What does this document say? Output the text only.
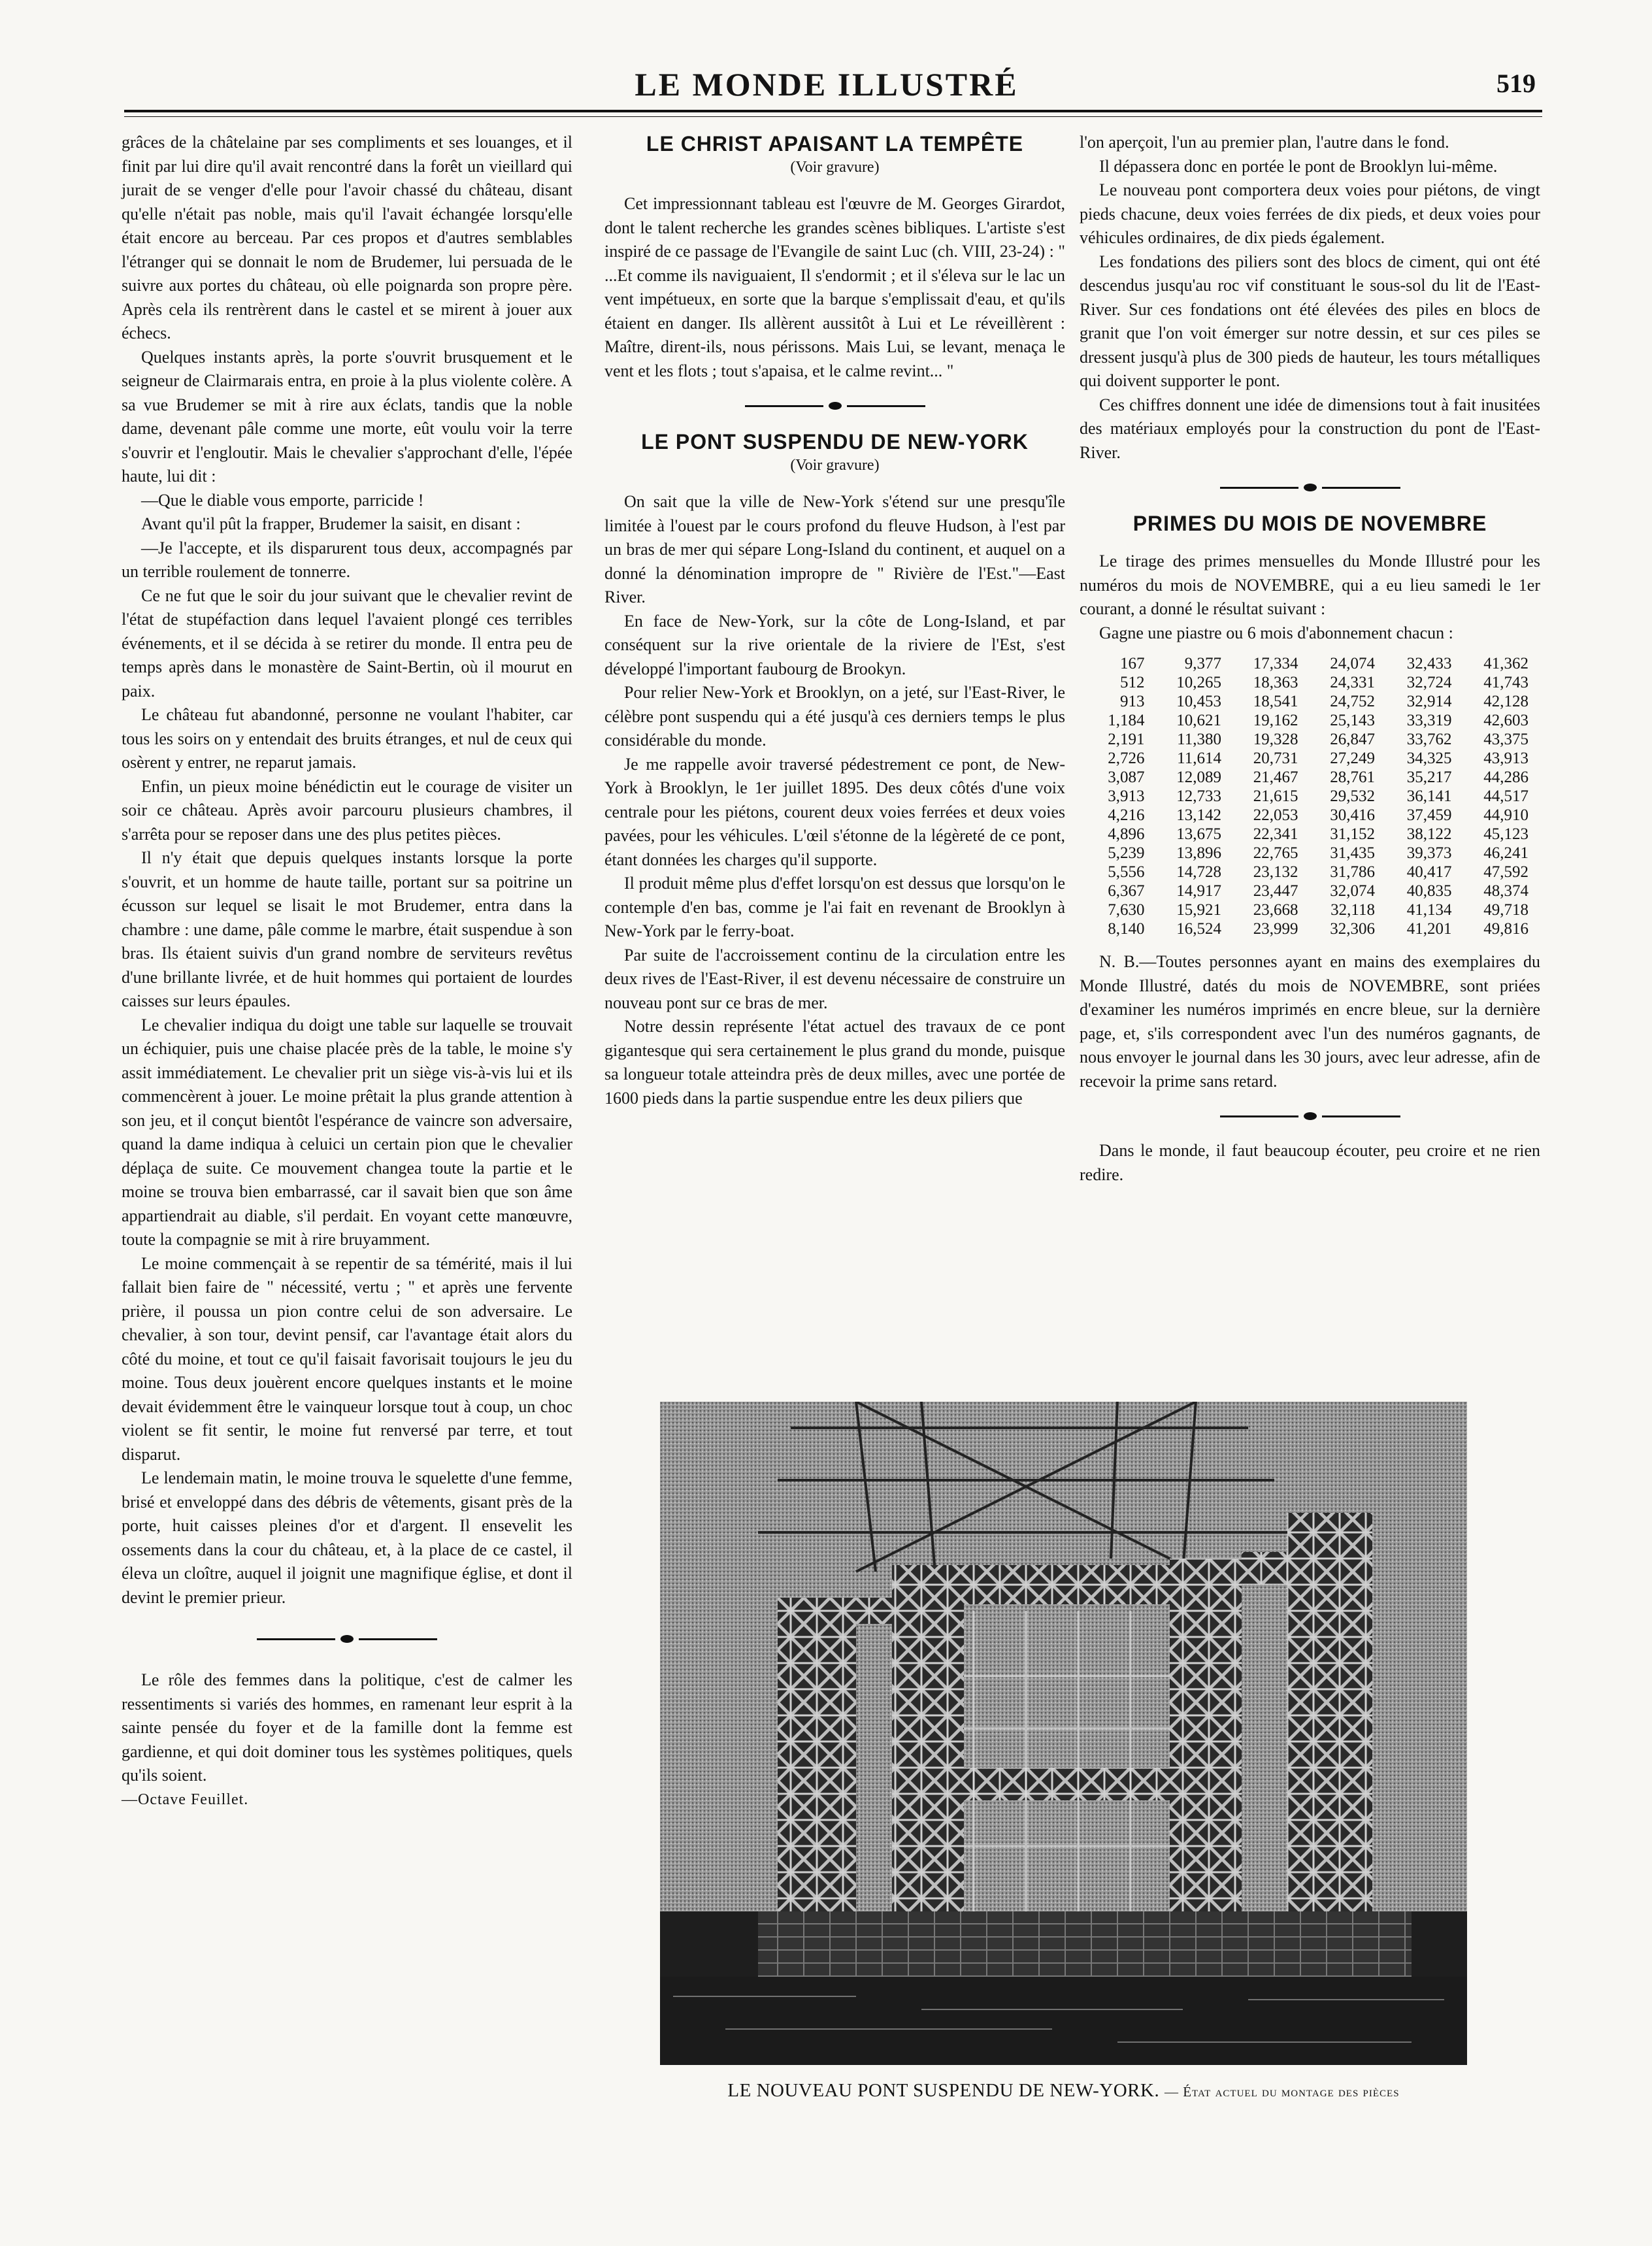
LE MONDE ILLUSTRÉ	519

grâces de la châtelaine par ses compliments et ses louanges, et il finit par lui dire qu'il avait rencontré dans la forêt un vieillard qui jurait de se venger d'elle pour l'avoir chassé du château, disant qu'elle n'était pas noble, mais qu'il l'avait échangée lorsqu'elle était encore au berceau. Par ces propos et d'autres semblables l'étranger qui se donnait le nom de Brudemer, lui persuada de le suivre aux portes du château, où elle poignarda son propre père. Après cela ils rentrèrent dans le castel et se mirent à jouer aux échecs.

Quelques instants après, la porte s'ouvrit brusquement et le seigneur de Clairmarais entra, en proie à la plus violente colère. A sa vue Brudemer se mit à rire aux éclats, tandis que la noble dame, devenant pâle comme une morte, eût voulu voir la terre s'ouvrir et l'engloutir. Mais le chevalier s'approchant d'elle, l'épée haute, lui dit :

—Que le diable vous emporte, parricide !

Avant qu'il pût la frapper, Brudemer la saisit, en disant :

—Je l'accepte, et ils disparurent tous deux, accompagnés par un terrible roulement de tonnerre.

Ce ne fut que le soir du jour suivant que le chevalier revint de l'état de stupéfaction dans lequel l'avaient plongé ces terribles événements, et il se décida à se retirer du monde. Il entra peu de temps après dans le monastère de Saint-Bertin, où il mourut en paix.

Le château fut abandonné, personne ne voulant l'habiter, car tous les soirs on y entendait des bruits étranges, et nul de ceux qui osèrent y entrer, ne reparut jamais.

Enfin, un pieux moine bénédictin eut le courage de visiter un soir ce château. Après avoir parcouru plusieurs chambres, il s'arrêta pour se reposer dans une des plus petites pièces.

Il n'y était que depuis quelques instants lorsque la porte s'ouvrit, et un homme de haute taille, portant sur sa poitrine un écusson sur lequel se lisait le mot Brudemer, entra dans la chambre : une dame, pâle comme le marbre, était suspendue à son bras. Ils étaient suivis d'un grand nombre de serviteurs revêtus d'une brillante livrée, et de huit hommes qui portaient de lourdes caisses sur leurs épaules.

Le chevalier indiqua du doigt une table sur laquelle se trouvait un échiquier, puis une chaise placée près de la table, le moine s'y assit immédiatement. Le chevalier prit un siège vis-à-vis lui et ils commencèrent à jouer. Le moine prêtait la plus grande attention à son jeu, et il conçut bientôt l'espérance de vaincre son adversaire, quand la dame indiqua à celuici un certain pion que le chevalier déplaça de suite. Ce mouvement changea toute la partie et le moine se trouva bien embarrassé, car il savait bien que son âme appartiendrait au diable, s'il perdait. En voyant cette manœuvre, toute la compagnie se mit à rire bruyamment.

Le moine commençait à se repentir de sa témérité, mais il lui fallait bien faire de " nécessité, vertu ; " et après une fervente prière, il poussa un pion contre celui de son adversaire. Le chevalier, à son tour, devint pensif, car l'avantage était alors du côté du moine, et tout ce qu'il faisait favorisait toujours le jeu du moine. Tous deux jouèrent encore quelques instants et le moine devait évidemment être le vainqueur lorsque tout à coup, un choc violent se fit sentir, le moine fut renversé par terre, et tout disparut.

Le lendemain matin, le moine trouva le squelette d'une femme, brisé et enveloppé dans des débris de vêtements, gisant près de la porte, huit caisses pleines d'or et d'argent. Il ensevelit les ossements dans la cour du château, et, à la place de ce castel, il éleva un cloître, auquel il joignit une magnifique église, et dont il devint le premier prieur.

Le rôle des femmes dans la politique, c'est de calmer les ressentiments si variés des hommes, en ramenant leur esprit à la sainte pensée du foyer et de la famille dont la femme est gardienne, et qui doit dominer tous les systèmes politiques, quels qu'ils soient.

—Octave Feuillet.

LE CHRIST APAISANT LA TEMPÊTE
(Voir gravure)

Cet impressionnant tableau est l'œuvre de M. Georges Girardot, dont le talent recherche les grandes scènes bibliques. L'artiste s'est inspiré de ce passage de l'Evangile de saint Luc (ch. VIII, 23-24) : " ...Et comme ils naviguaient, Il s'endormit ; et il s'éleva sur le lac un vent impétueux, en sorte que la barque s'emplissait d'eau, et qu'ils étaient en danger. Ils allèrent aussitôt à Lui et Le réveillèrent : Maître, dirent-ils, nous périssons. Mais Lui, se levant, menaça le vent et les flots ; tout s'apaisa, et le calme revint... "

LE PONT SUSPENDU DE NEW-YORK
(Voir gravure)

On sait que la ville de New-York s'étend sur une presqu'île limitée à l'ouest par le cours profond du fleuve Hudson, à l'est par un bras de mer qui sépare Long-Island du continent, et auquel on a donné la dénomination impropre de " Rivière de l'Est."—East River.

En face de New-York, sur la côte de Long-Island, et par conséquent sur la rive orientale de la riviere de l'Est, s'est développé l'important faubourg de Brookyn.

Pour relier New-York et Brooklyn, on a jeté, sur l'East-River, le célèbre pont suspendu qui a été jusqu'à ces derniers temps le plus considérable du monde.

Je me rappelle avoir traversé pédestrement ce pont, de New-York à Brooklyn, le 1er juillet 1895. Des deux côtés d'une voix centrale pour les piétons, courent deux voies ferrées et deux voies pavées, pour les véhicules. L'œil s'étonne de la légèreté de ce pont, étant données les charges qu'il supporte.

Il produit même plus d'effet lorsqu'on est dessus que lorsqu'on le contemple d'en bas, comme je l'ai fait en revenant de Brooklyn à New-York par le ferry-boat.

Par suite de l'accroissement continu de la circulation entre les deux rives de l'East-River, il est devenu nécessaire de construire un nouveau pont sur ce bras de mer.

Notre dessin représente l'état actuel des travaux de ce pont gigantesque qui sera certainement le plus grand du monde, puisque sa longueur totale atteindra près de deux milles, avec une portée de 1600 pieds dans la partie suspendue entre les deux piliers que

l'on aperçoit, l'un au premier plan, l'autre dans le fond.

Il dépassera donc en portée le pont de Brooklyn lui-même.

Le nouveau pont comportera deux voies pour piétons, de vingt pieds chacune, deux voies ferrées de dix pieds, et deux voies pour véhicules ordinaires, de dix pieds également.

Les fondations des piliers sont des blocs de ciment, qui ont été descendus jusqu'au roc vif constituant le sous-sol du lit de l'East-River. Sur ces fondations ont été élevées des piles en blocs de granit que l'on voit émerger sur notre dessin, et sur ces piles se dressent jusqu'à plus de 300 pieds de hauteur, les tours métalliques qui doivent supporter le pont.

Ces chiffres donnent une idée de dimensions tout à fait inusitées des matériaux employés pour la construction du pont de l'East-River.

PRIMES DU MOIS DE NOVEMBRE

Le tirage des primes mensuelles du Monde Illustré pour les numéros du mois de NOVEMBRE, qui a eu lieu samedi le 1er courant, a donné le résultat suivant :

Gagne une piastre ou 6 mois d'abonnement chacun :

167	9,377	17,334	24,074	32,433	41,362
512	10,265	18,363	24,331	32,724	41,743
913	10,453	18,541	24,752	32,914	42,128
1,184	10,621	19,162	25,143	33,319	42,603
2,191	11,380	19,328	26,847	33,762	43,375
2,726	11,614	20,731	27,249	34,325	43,913
3,087	12,089	21,467	28,761	35,217	44,286
3,913	12,733	21,615	29,532	36,141	44,517
4,216	13,142	22,053	30,416	37,459	44,910
4,896	13,675	22,341	31,152	38,122	45,123
5,239	13,896	22,765	31,435	39,373	46,241
5,556	14,728	23,132	31,786	40,417	47,592
6,367	14,917	23,447	32,074	40,835	48,374
7,630	15,921	23,668	32,118	41,134	49,718
8,140	16,524	23,999	32,306	41,201	49,816

N. B.—Toutes personnes ayant en mains des exemplaires du Monde Illustré, datés du mois de NOVEMBRE, sont priées d'examiner les numéros imprimés en encre bleue, sur la dernière page, et, s'ils correspondent avec l'un des numéros gagnants, de nous envoyer le journal dans les 30 jours, avec leur adresse, afin de recevoir la prime sans retard.

Dans le monde, il faut beaucoup écouter, peu croire et ne rien redire.

LE NOUVEAU PONT SUSPENDU DE NEW-YORK. — État actuel du montage des pièces
